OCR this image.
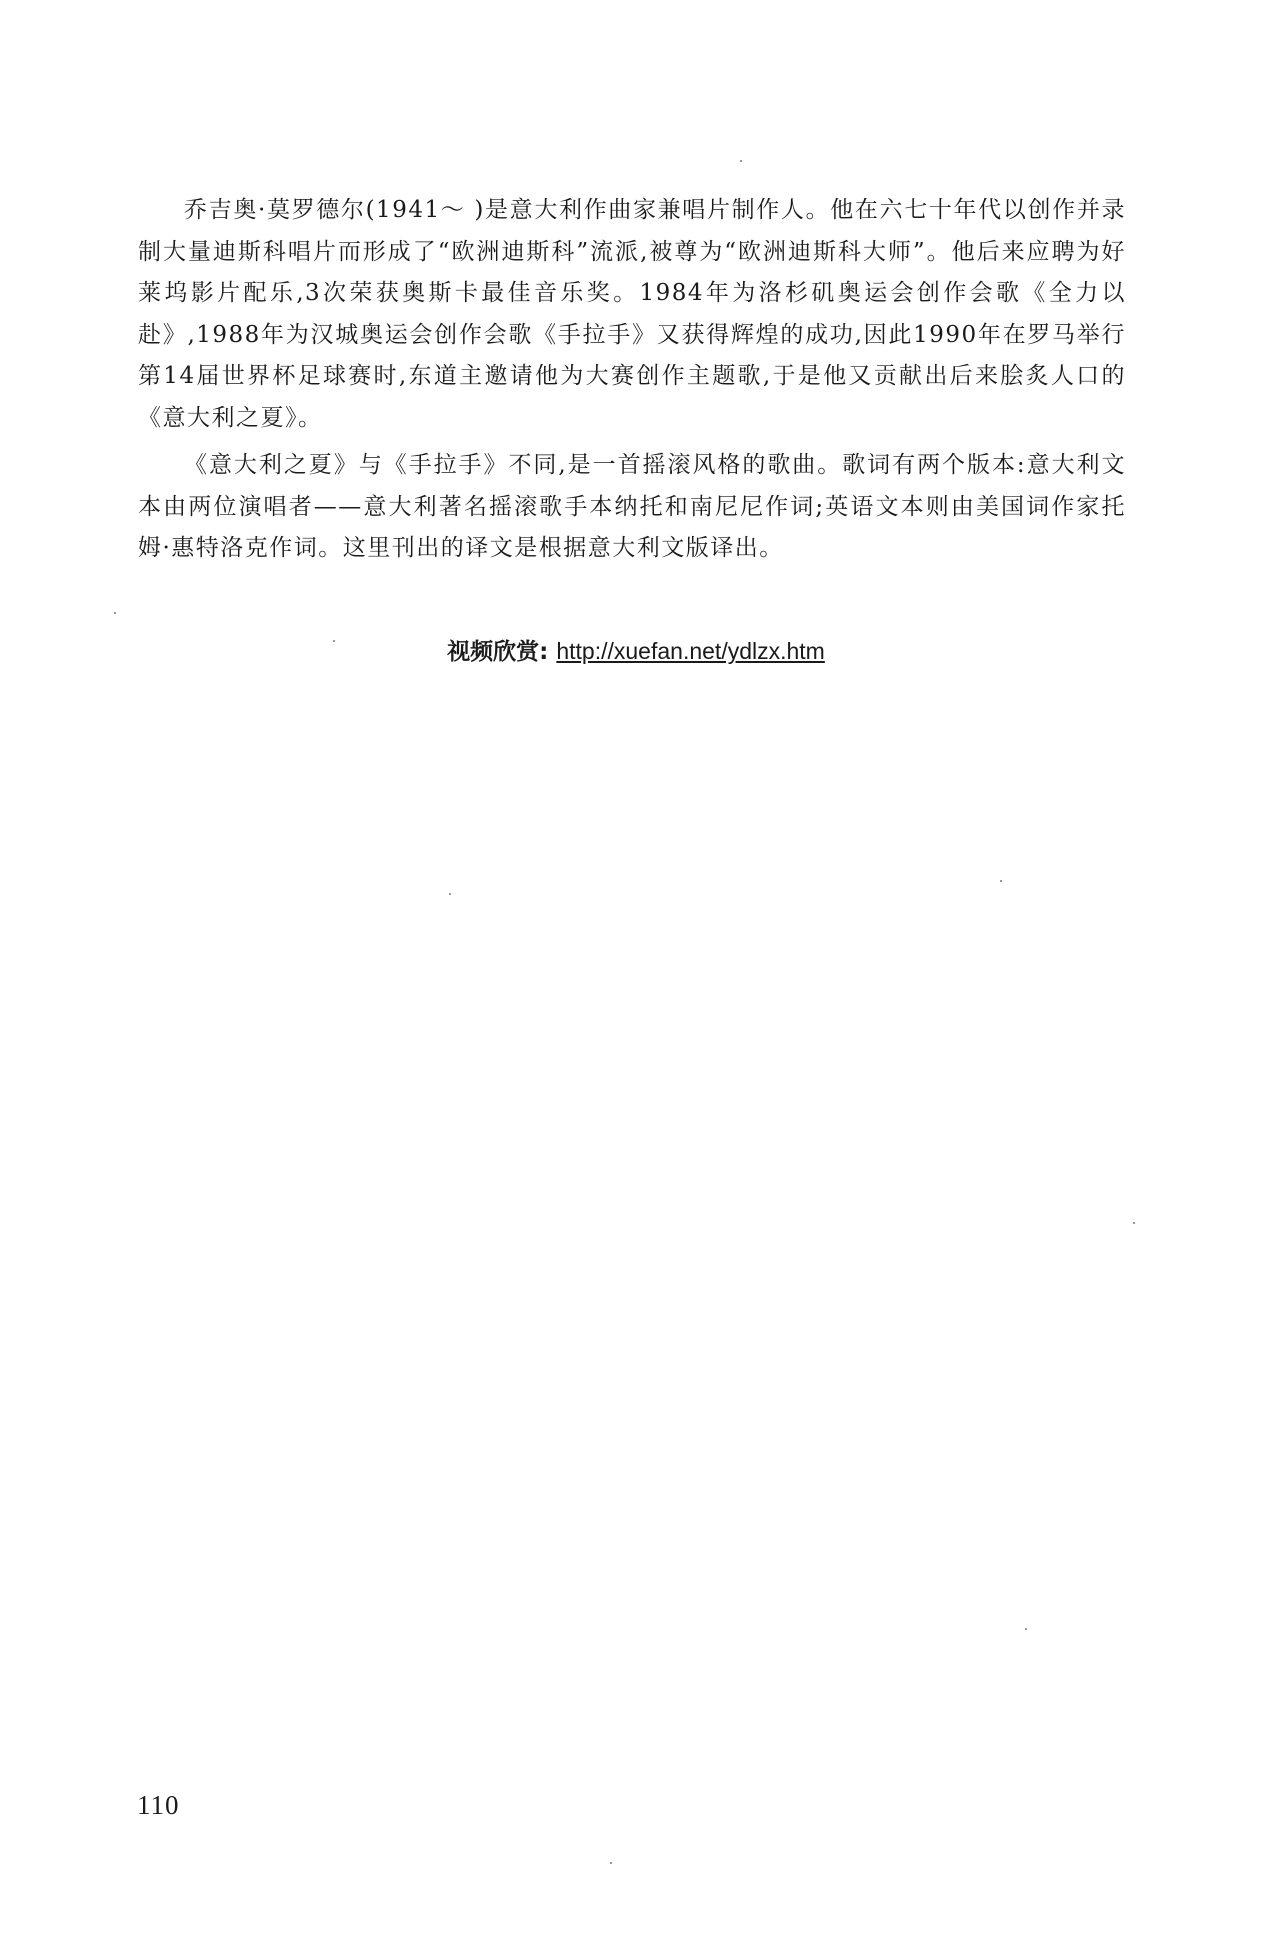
乔吉奥·莫罗德尔(1941～ )是意大利作曲家兼唱片制作人。他在六七十年代以创作并录制大量迪斯科唱片而形成了“欧洲迪斯科”流派,被尊为“欧洲迪斯科大师”。他后来应聘为好莱坞影片配乐,3次荣获奥斯卡最佳音乐奖。1984年为洛杉矶奥运会创作会歌《全力以赴》,1988年为汉城奥运会创作会歌《手拉手》又获得辉煌的成功,因此1990年在罗马举行第14届世界杯足球赛时,东道主邀请他为大赛创作主题歌,于是他又贡献出后来脍炙人口的《意大利之夏》。

《意大利之夏》与《手拉手》不同,是一首摇滚风格的歌曲。歌词有两个版本:意大利文本由两位演唱者——意大利著名摇滚歌手本纳托和南尼尼作词;英语文本则由美国词作家托姆·惠特洛克作词。这里刊出的译文是根据意大利文版译出。

视频欣赏: http://xuefan.net/ydlzx.htm
110
